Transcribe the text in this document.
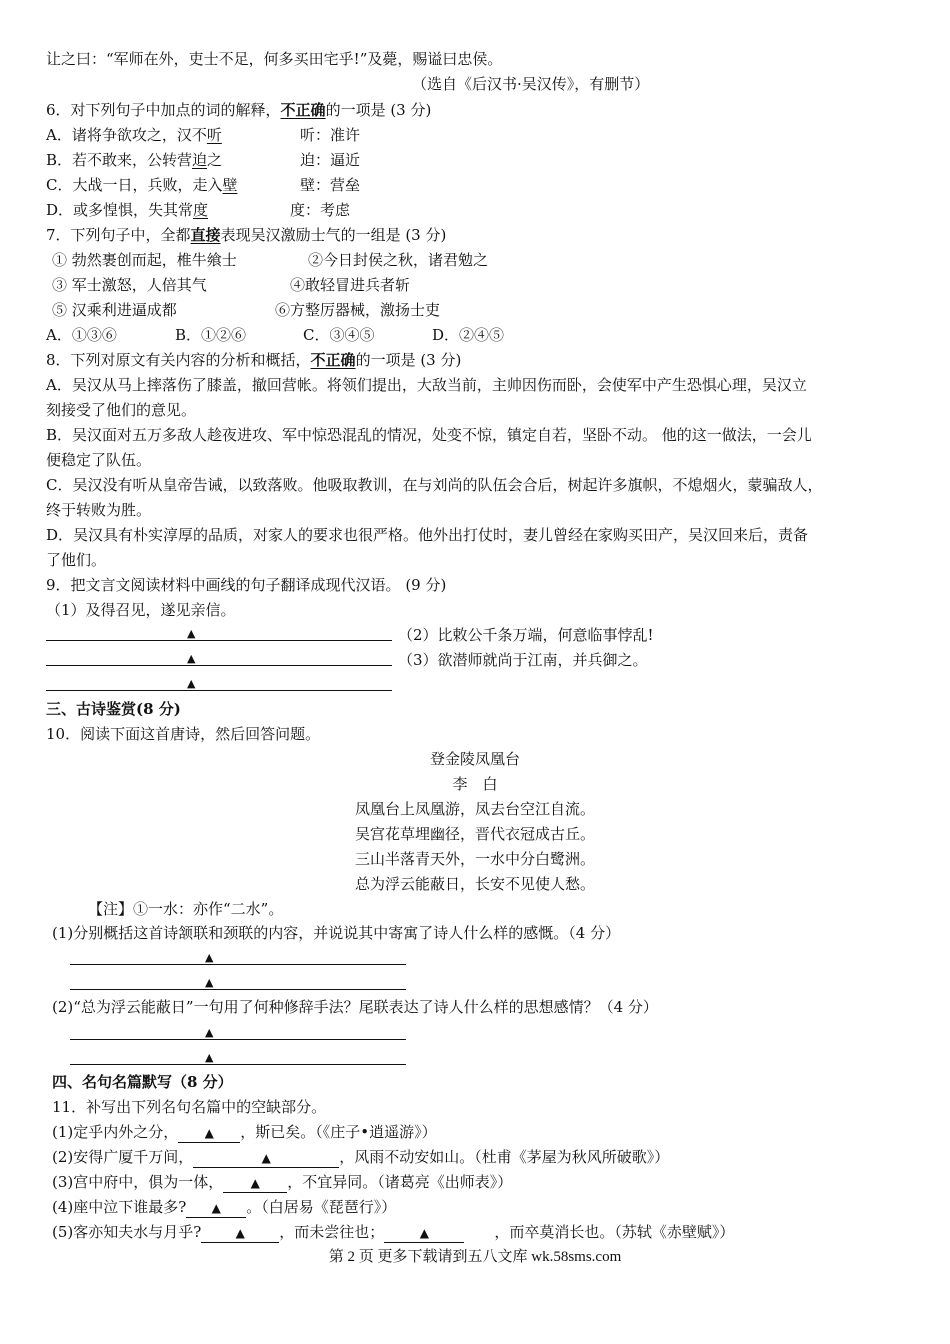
让之曰：“军师在外，吏士不足，何多买田宅乎!”及薨，赐谥曰忠侯。
（选自《后汉书·吴汉传》，有删节）
6．对下列句子中加点的词的解释，不正确的一项是 (3 分)
A．诸将争欲攻之，汉不听	听：准许
B．若不敢来，公转营迫之	迫：逼近
C．大战一日，兵败，走入壁	壁：营垒
D．或多惶惧，失其常度	度：考虑
7．下列句子中，全都直接表现吴汉激励士气的一组是 (3 分)
① 勃然裹创而起，椎牛飨士	②今日封侯之秋，诸君勉之
③ 军士激怒，人倍其气	④敢轻冒进兵者斩
⑤ 汉乘利进逼成都	⑥方整厉器械，激扬士吏
A．①③⑥	B．①②⑥	C．③④⑤	D．②④⑤
8．下列对原文有关内容的分析和概括，不正确的一项是 (3 分)
A．吴汉从马上摔落伤了膝盖，撤回营帐。将领们提出，大敌当前，主帅因伤而卧，会使军中产生恐惧心理，吴汉立
刻接受了他们的意见。
B．吴汉面对五万多敌人趁夜进攻、军中惊恐混乱的情况，处变不惊，镇定自若，坚卧不动。 他的这一做法，一会儿
便稳定了队伍。
C．吴汉没有听从皇帝告诫，以致落败。他吸取教训，在与刘尚的队伍会合后，树起许多旗帜，不熄烟火，蒙骗敌人，
终于转败为胜。
D．吴汉具有朴实淳厚的品质，对家人的要求也很严格。他外出打仗时，妻儿曾经在家购买田产，吴汉回来后，责备
了他们。
9．把文言文阅读材料中画线的句子翻译成现代汉语。 (9 分)
（1）及得召见，遂见亲信。
▲	（2）比敕公千条万端，何意临事悖乱!
▲	（3）欲潜师就尚于江南，并兵御之。
▲
三、古诗鉴赏(8 分)
10．阅读下面这首唐诗，然后回答问题。
登金陵凤凰台
李　白
凤凰台上凤凰游，凤去台空江自流。
吴宫花草埋幽径，晋代衣冠成古丘。
三山半落青天外，一水中分白鹭洲。
总为浮云能蔽日，长安不见使人愁。
【注】①一水：亦作“二水”。
(1)分别概括这首诗颔联和颈联的内容，并说说其中寄寓了诗人什么样的感慨。（4 分）
▲
▲
(2)“总为浮云能蔽日”一句用了何种修辞手法？尾联表达了诗人什么样的思想感情？（4 分）
▲
▲
四、名句名篇默写（8 分）
11．补写出下列名句名篇中的空缺部分。
(1)定乎内外之分， ▲ ，斯已矣。（《庄子•逍遥游》）
(2)安得广厦千万间，	▲	，风雨不动安如山。（杜甫《茅屋为秋风所破歌》）
(3)宫中府中，俱为一体， ▲ ，不宜异同。（诸葛亮《出师表》）
(4)座中泣下谁最多? ▲ 。（白居易《琵琶行》）
(5)客亦知夫水与月乎?	▲ ，而未尝往也；	▲	，而卒莫消长也。（苏轼《赤壁赋》）
第 2 页 更多下载请到五八文库 wk.58sms.com
